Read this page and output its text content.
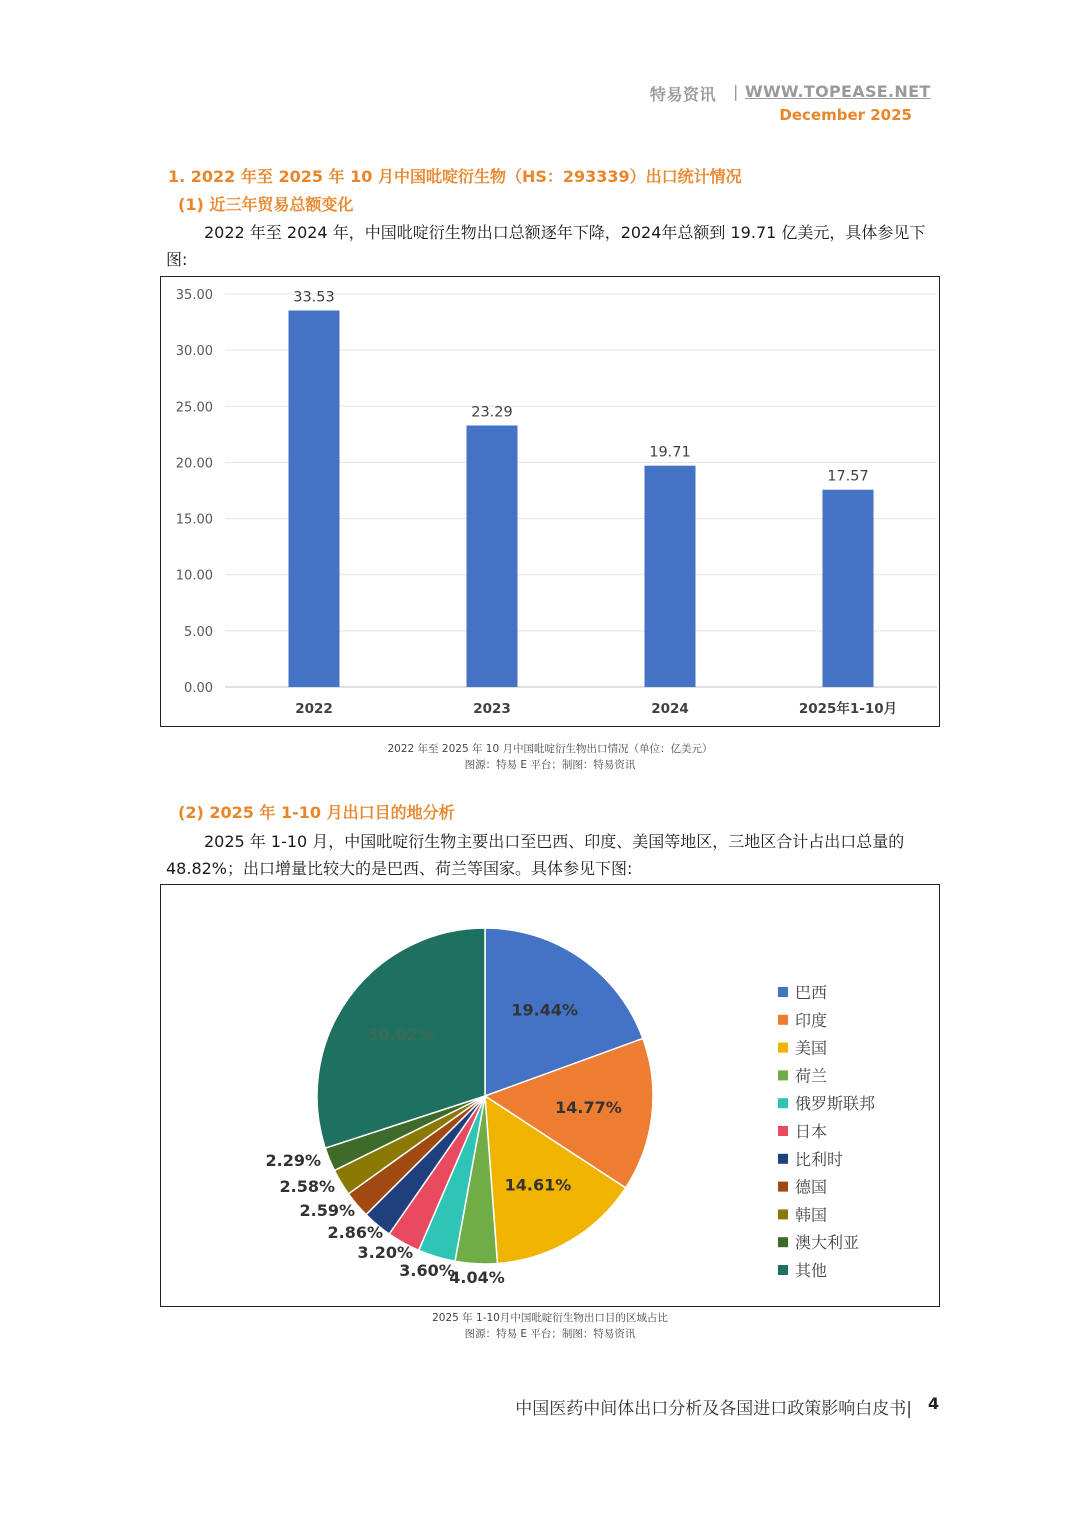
特易资讯 | WWW.TOPEASE.NET
December 2025
1. 2022 年至 2025 年 10 月中国吡啶衍生物（HS：293339）出口统计情况
(1) 近三年贸易总额变化
2022 年至 2024 年，中国吡啶衍生物出口总额逐年下降，2024年总额到 19.71 亿美元，具体参见下图:
0.00
5.00
10.00
15.00
20.00
25.00
30.00
35.00	33.53
2022
23.29
2023
19.71
2024
17.57
2025年1-10月
2022 年至 2025 年 10 月中国吡啶衍生物出口情况（单位：亿美元）
图源：特易 E 平台；制图：特易资讯
(2) 2025 年 1-10 月出口目的地分析
2025 年 1-10 月，中国吡啶衍生物主要出口至巴西、印度、美国等地区，三地区合计占出口总量的 48.82%；出口增量比较大的是巴西、荷兰等国家。具体参见下图:
19.44%
14.77%
14.61%
4.04%
3.60%
3.20%
2.86%
2.59%
2.58%
2.29%
30.02%
巴西
印度
美国
荷兰
俄罗斯联邦
日本
比利时
德国
韩国
澳大利亚
其他
2025 年 1-10月中国吡啶衍生物出口目的区域占比
图源：特易 E 平台；制图：特易资讯
中国医药中间体出口分析及各国进口政策影响白皮书| 4
